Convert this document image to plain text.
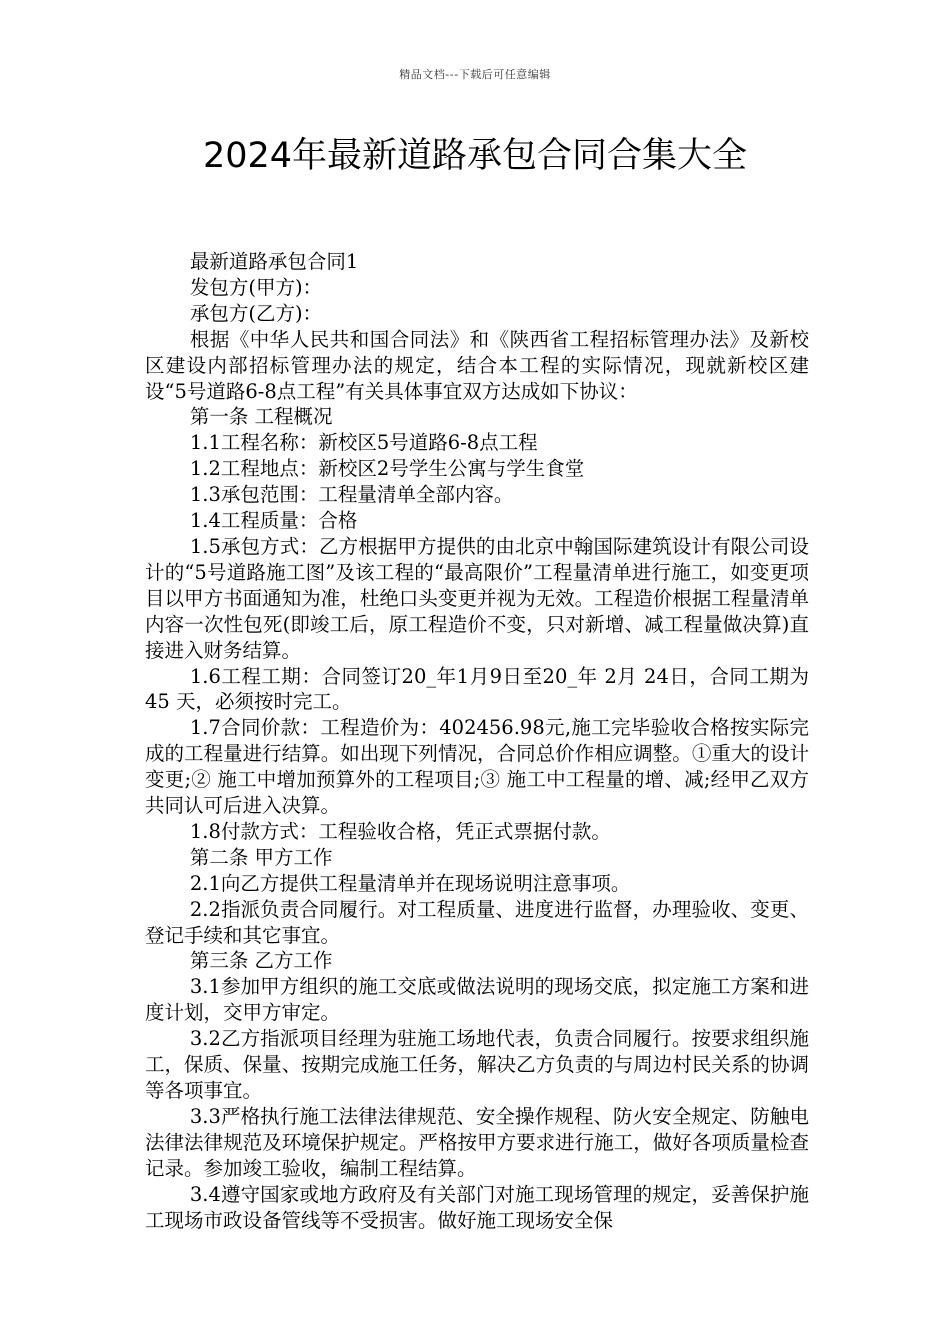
精品文档---下载后可任意编辑
2024年最新道路承包合同合集大全

最新道路承包合同1

发包方(甲方)：

承包方(乙方)：

根据《中华人民共和国合同法》和《陕西省工程招标管理办法》及新校区建设内部招标管理办法的规定，结合本工程的实际情况，现就新校区建设“5号道路6-8点工程”有关具体事宜双方达成如下协议：

第一条 工程概况

1.1工程名称：新校区5号道路6-8点工程

1.2工程地点：新校区2号学生公寓与学生食堂

1.3承包范围：工程量清单全部内容。

1.4工程质量：合格

1.5承包方式：乙方根据甲方提供的由北京中翰国际建筑设计有限公司设计的“5号道路施工图”及该工程的“最高限价”工程量清单进行施工，如变更项目以甲方书面通知为准，杜绝口头变更并视为无效。工程造价根据工程量清单内容一次性包死(即竣工后，原工程造价不变，只对新增、减工程量做决算)直接进入财务结算。

1.6工程工期：合同签订20_年1月9日至20_年 2月 24日，合同工期为 45 天，必须按时完工。

1.7合同价款：工程造价为：402456.98元,施工完毕验收合格按实际完成的工程量进行结算。如出现下列情况，合同总价作相应调整。①重大的设计变更;② 施工中增加预算外的工程项目;③ 施工中工程量的增、减;经甲乙双方共同认可后进入决算。

1.8付款方式：工程验收合格，凭正式票据付款。

第二条 甲方工作

2.1向乙方提供工程量清单并在现场说明注意事项。

2.2指派负责合同履行。对工程质量、进度进行监督，办理验收、变更、登记手续和其它事宜。

第三条 乙方工作

3.1参加甲方组织的施工交底或做法说明的现场交底，拟定施工方案和进度计划，交甲方审定。

3.2乙方指派项目经理为驻施工场地代表，负责合同履行。按要求组织施工，保质、保量、按期完成施工任务，解决乙方负责的与周边村民关系的协调等各项事宜。

3.3严格执行施工法律法律规范、安全操作规程、防火安全规定、防触电法律法律规范及环境保护规定。严格按甲方要求进行施工，做好各项质量检查记录。参加竣工验收，编制工程结算。

3.4遵守国家或地方政府及有关部门对施工现场管理的规定，妥善保护施工现场市政设备管线等不受损害。做好施工现场安全保
